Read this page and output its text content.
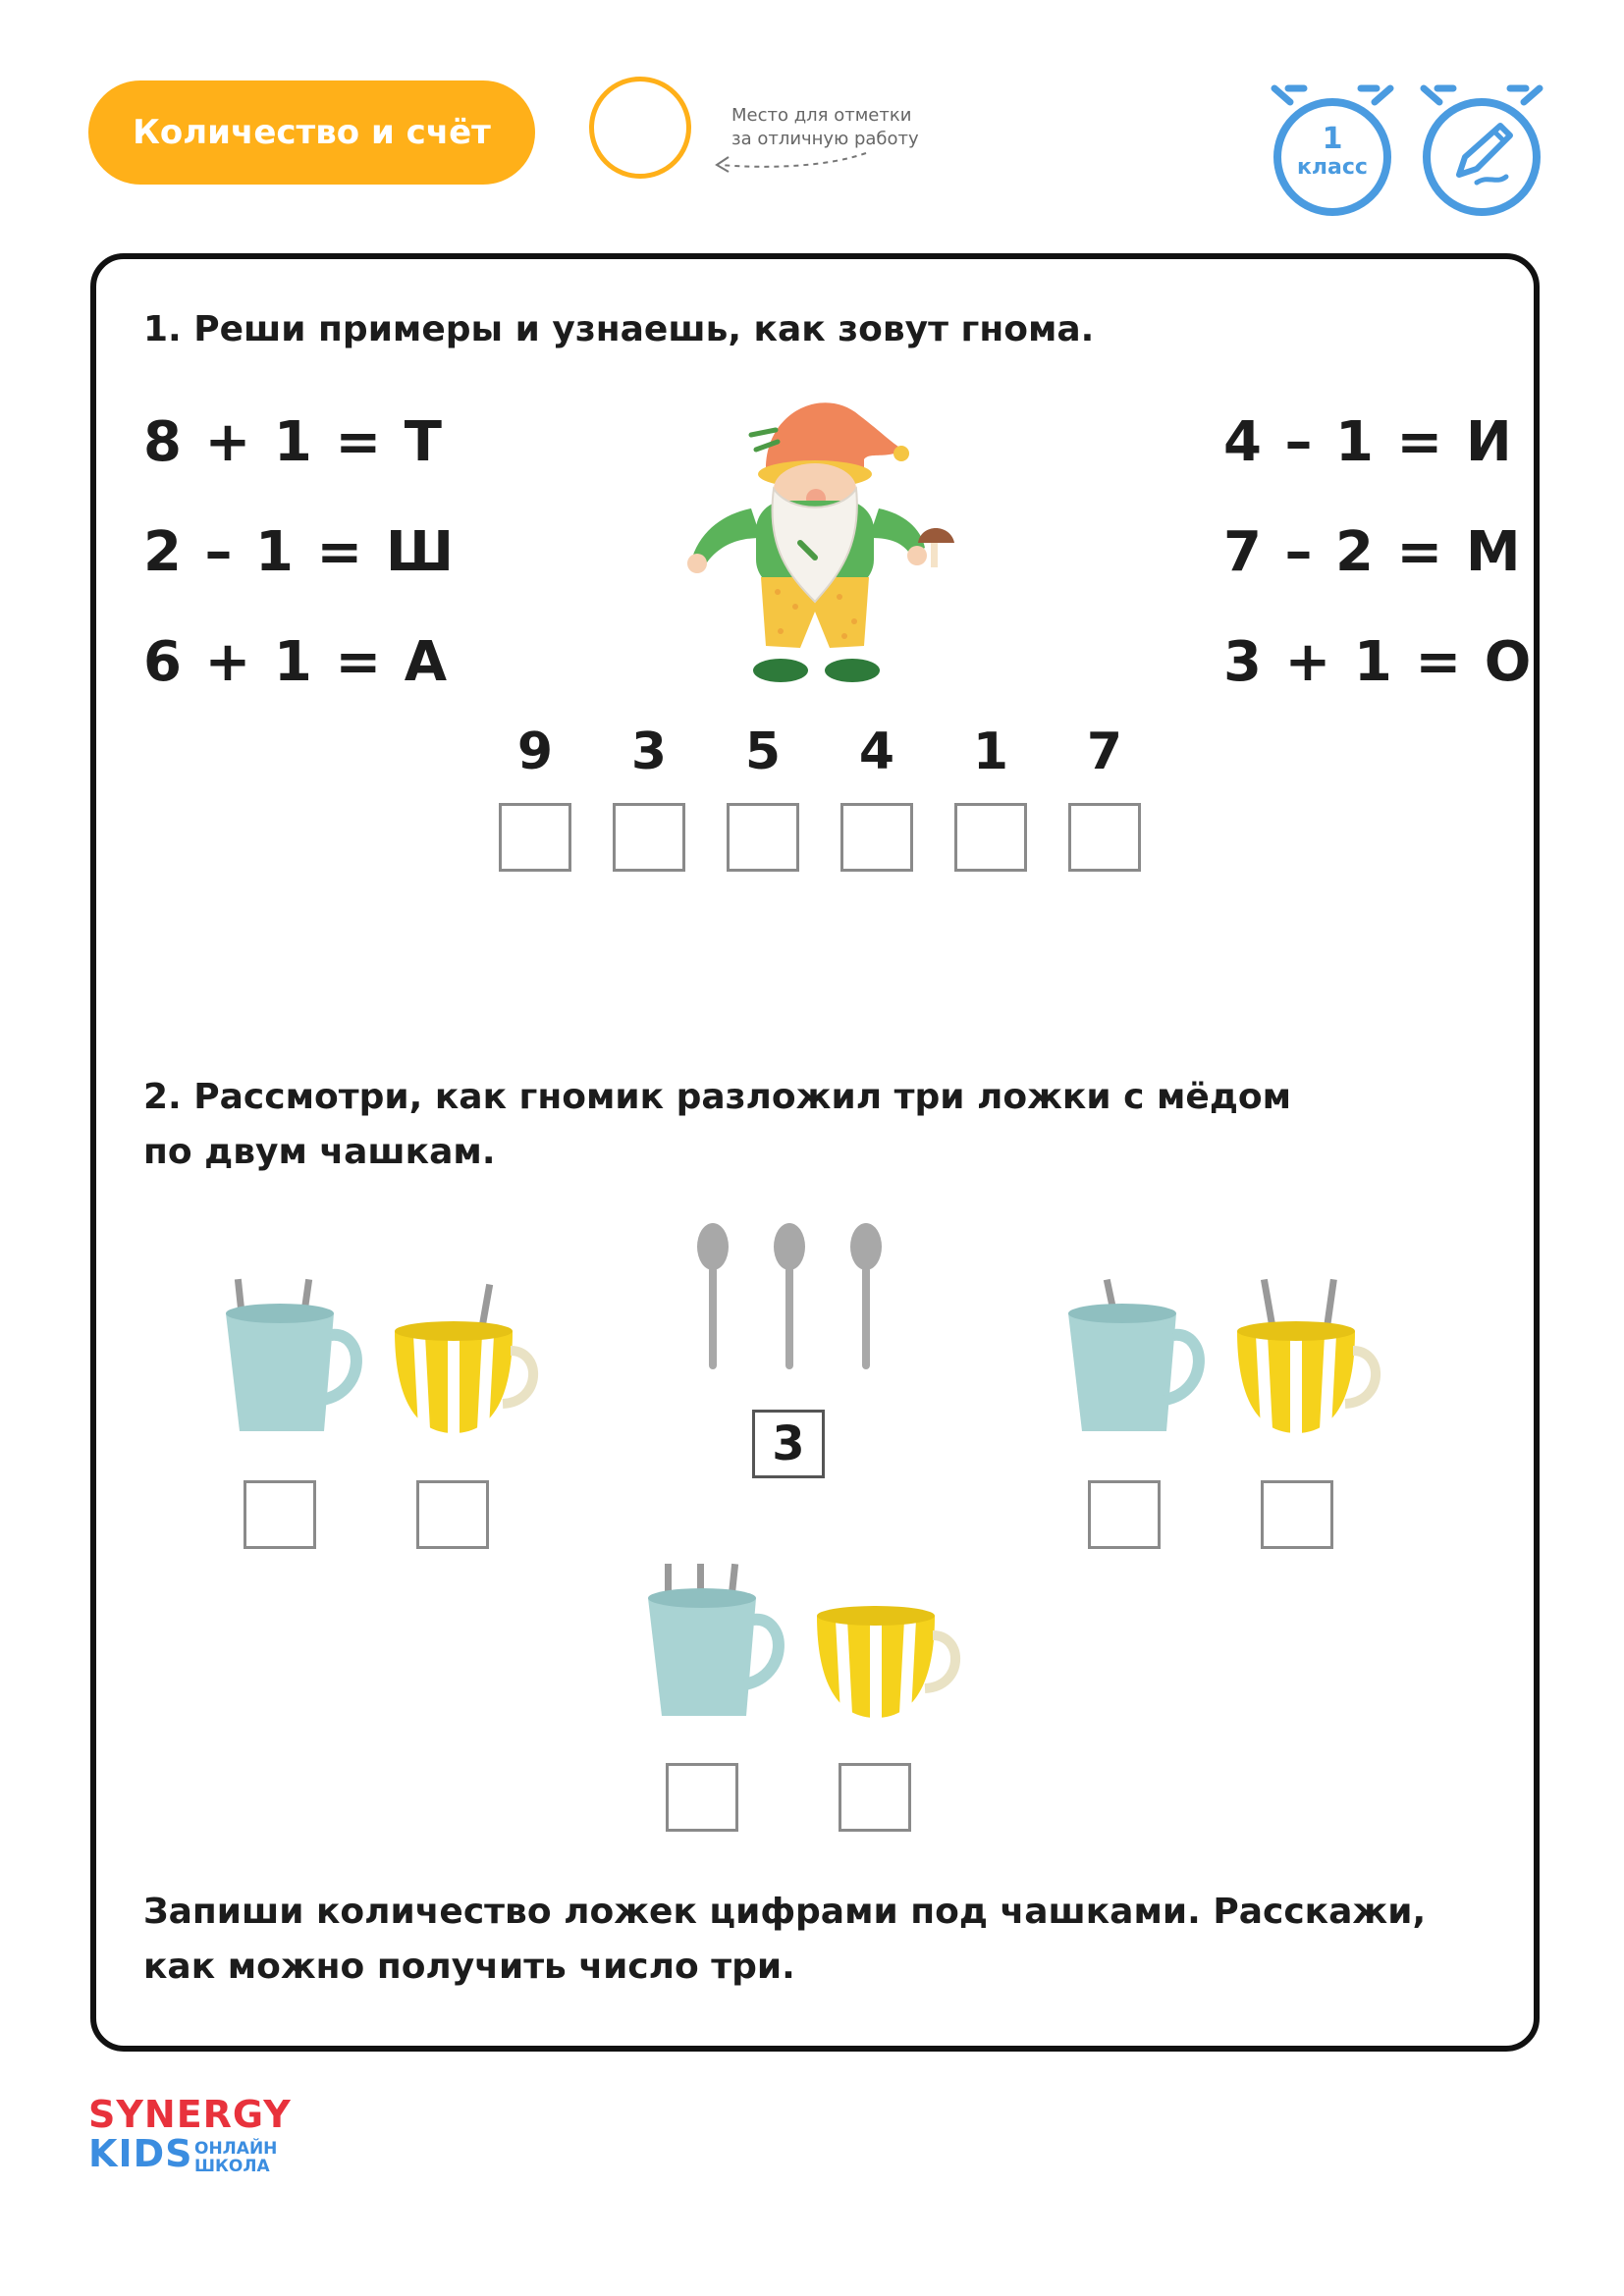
Количество и счёт	Место для отметки
за отличную работу	1
класс
1. Реши примеры и узнаешь, как зовут гнома.
8 + 1 = Т
2 – 1 = Ш
6 + 1 = А
4 – 1 = И
7 – 2 = М
3 + 1 = О
9	3	5	4	1	7
2. Рассмотри, как гномик разложил три ложки с мёдом
по двум чашкам.
3
Запиши количество ложек цифрами под чашками. Расскажи,
как можно получить число три.
SYNERGY
KIDS ОНЛАЙН
ШКОЛА
